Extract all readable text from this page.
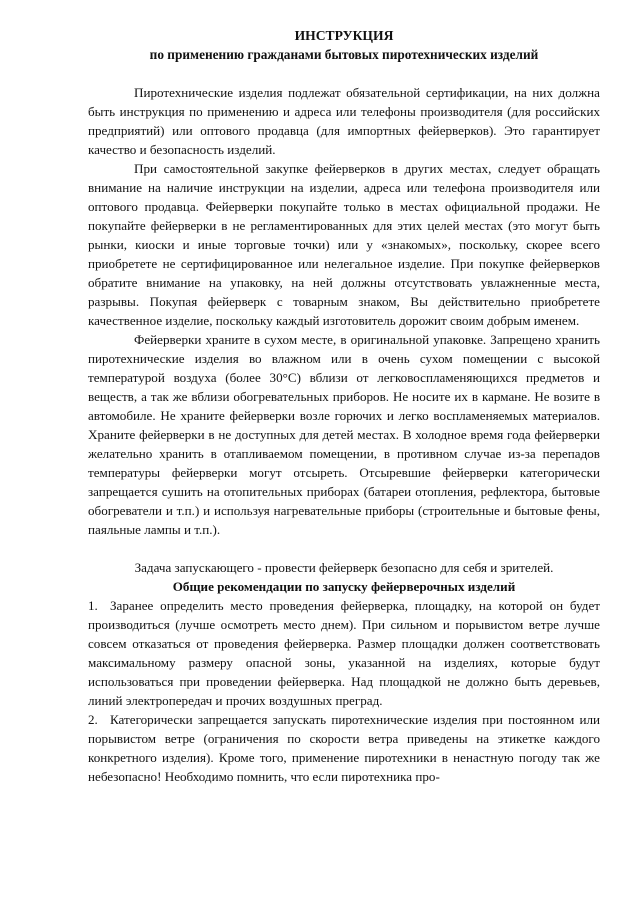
ИНСТРУКЦИЯ

по применению гражданами бытовых пиротехнических изделий

Пиротехнические изделия подлежат обязательной сертификации, на них должна быть инструкция по применению и адреса или телефоны производителя (для российских предприятий) или оптового продавца (для импортных фейерверков). Это гарантирует качество и безопасность изделий.

При самостоятельной закупке фейерверков в других местах, следует обращать внимание на наличие инструкции на изделии, адреса или телефона производителя или оптового продавца. Фейерверки покупайте только в местах официальной продажи. Не покупайте фейерверки в не регламентированных для этих целей местах (это могут быть рынки, киоски и иные торговые точки) или у «знакомых», поскольку, скорее всего приобретете не сертифицированное или нелегальное изделие. При покупке фейерверков обратите внимание на упаковку, на ней должны отсутствовать увлажненные места, разрывы. Покупая фейерверк с товарным знаком, Вы действительно приобретете качественное изделие, поскольку каждый изготовитель дорожит своим добрым именем.

Фейерверки храните в сухом месте, в оригинальной упаковке. Запрещено хранить пиротехнические изделия во влажном или в очень сухом помещении с высокой температурой воздуха (более 30°С) вблизи от легковоспламеняющихся предметов и веществ, а так же вблизи обогревательных приборов. Не носите их в кармане. Не возите в автомобиле. Не храните фейерверки возле горючих и легко воспламеняемых материалов. Храните фейерверки в не доступных для детей местах. В холодное время года фейерверки желательно хранить в отапливаемом помещении, в противном случае из-за перепадов температуры фейерверки могут отсыреть. Отсыревшие фейерверки категорически запрещается сушить на отопительных приборах (батареи отопления, рефлектора, бытовые обогреватели и т.п.) и используя нагревательные приборы (строительные и бытовые фены, паяльные лампы и т.п.).

Задача запускающего - провести фейерверк безопасно для себя и зрителей.

Общие рекомендации по запуску фейерверочных изделий

1. Заранее определить место проведения фейерверка, площадку, на которой он будет производиться (лучше осмотреть место днем). При сильном и порывистом ветре лучше совсем отказаться от проведения фейерверка. Размер площадки должен соответствовать максимальному размеру опасной зоны, указанной на изделиях, которые будут использоваться при проведении фейерверка. Над площадкой не должно быть деревьев, линий электропередач и прочих воздушных преград.

2. Категорически запрещается запускать пиротехнические изделия при постоянном или порывистом ветре (ограничения по скорости ветра приведены на этикетке каждого конкретного изделия). Кроме того, применение пиротехники в ненастную погоду так же небезопасно! Необходимо помнить, что если пиротехника про-
